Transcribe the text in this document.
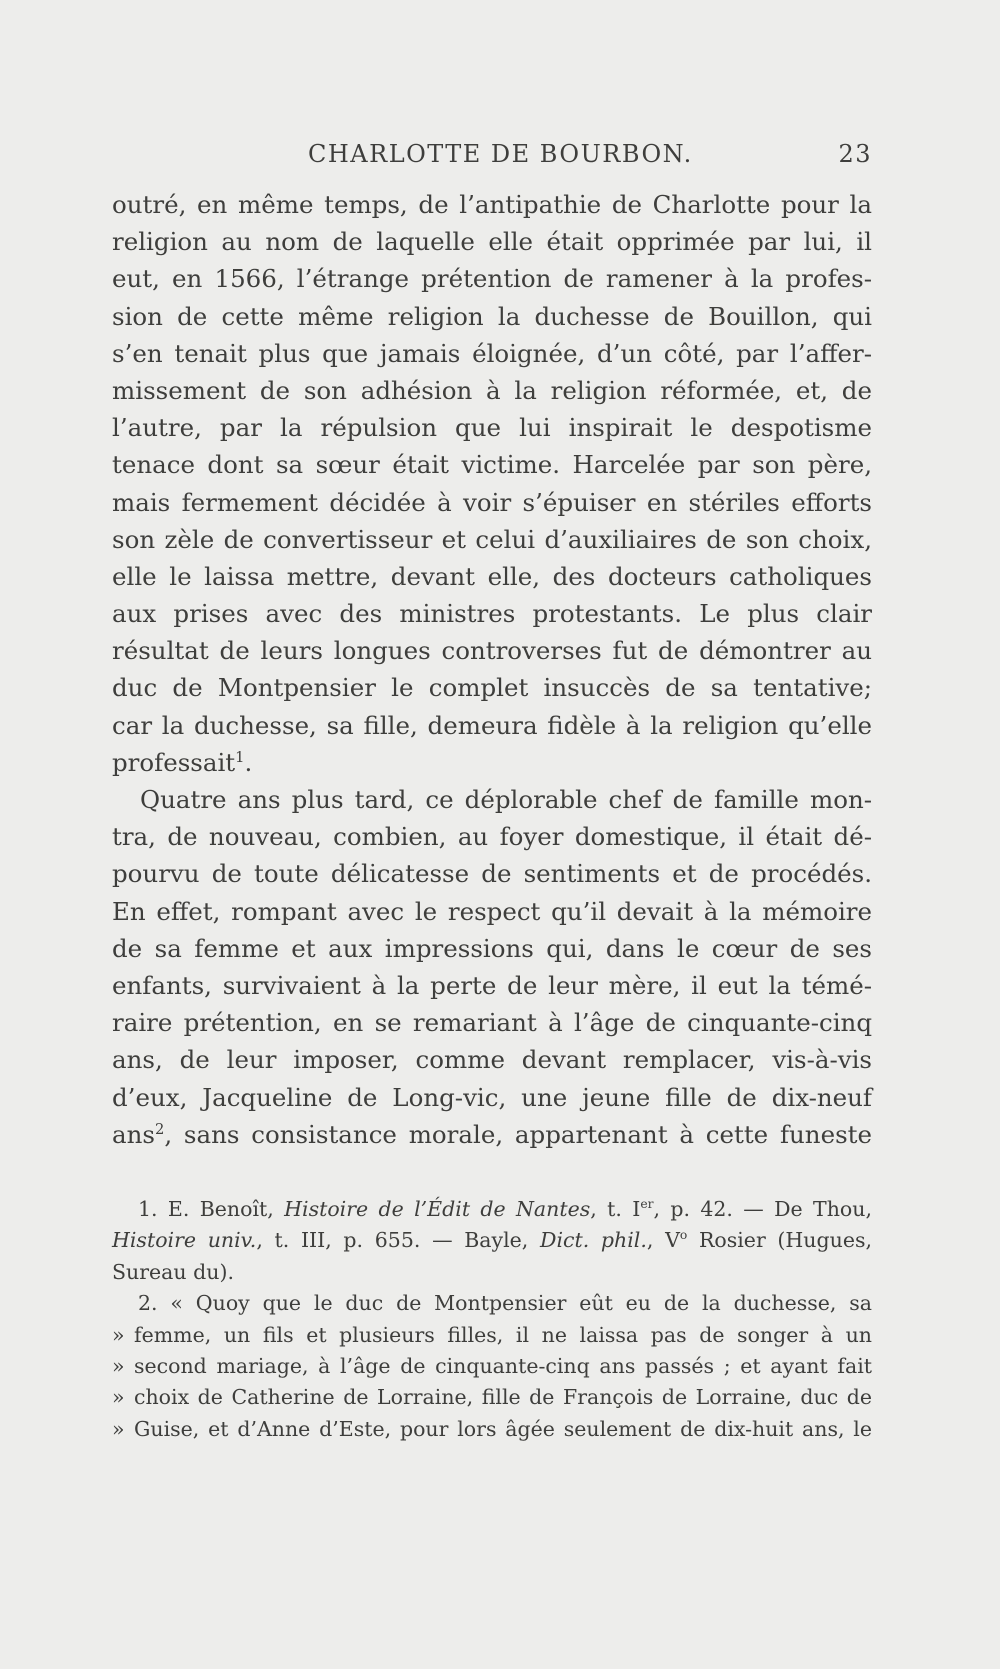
CHARLOTTE DE BOURBON.	23
outré, en même temps, de l’antipathie de Charlotte pour la
religion au nom de laquelle elle était opprimée par lui, il
eut, en 1566, l’étrange prétention de ramener à la profes-
sion de cette même religion la duchesse de Bouillon, qui
s’en tenait plus que jamais éloignée, d’un côté, par l’affer-
missement de son adhésion à la religion réformée, et, de
l’autre, par la répulsion que lui inspirait le despotisme
tenace dont sa sœur était victime. Harcelée par son père,
mais fermement décidée à voir s’épuiser en stériles efforts
son zèle de convertisseur et celui d’auxiliaires de son choix,
elle le laissa mettre, devant elle, des docteurs catholiques
aux prises avec des ministres protestants. Le plus clair
résultat de leurs longues controverses fut de démontrer au
duc de Montpensier le complet insuccès de sa tentative;
car la duchesse, sa fille, demeura fidèle à la religion qu’elle
professait$^1$.
Quatre ans plus tard, ce déplorable chef de famille mon-
tra, de nouveau, combien, au foyer domestique, il était dé-
pourvu de toute délicatesse de sentiments et de procédés.
En effet, rompant avec le respect qu’il devait à la mémoire
de sa femme et aux impressions qui, dans le cœur de ses
enfants, survivaient à la perte de leur mère, il eut la témé-
raire prétention, en se remariant à l’âge de cinquante-cinq
ans, de leur imposer, comme devant remplacer, vis-à-vis
d’eux, Jacqueline de Long-vic, une jeune fille de dix-neuf
ans$^2$, sans consistance morale, appartenant à cette funeste
1. E. Benoît, Histoire de l’Édit de Nantes, t. Ier, p. 42. — De Thou,
Histoire univ., t. III, p. 655. — Bayle, Dict. phil., $V^o$ Rosier (Hugues,
Sureau du).
2. « Quoy que le duc de Montpensier eût eu de la duchesse, sa
» femme, un fils et plusieurs filles, il ne laissa pas de songer à un
» second mariage, à l’âge de cinquante-cinq ans passés ; et ayant fait
» choix de Catherine de Lorraine, fille de François de Lorraine, duc de
» Guise, et d’Anne d’Este, pour lors âgée seulement de dix-huit ans, le
